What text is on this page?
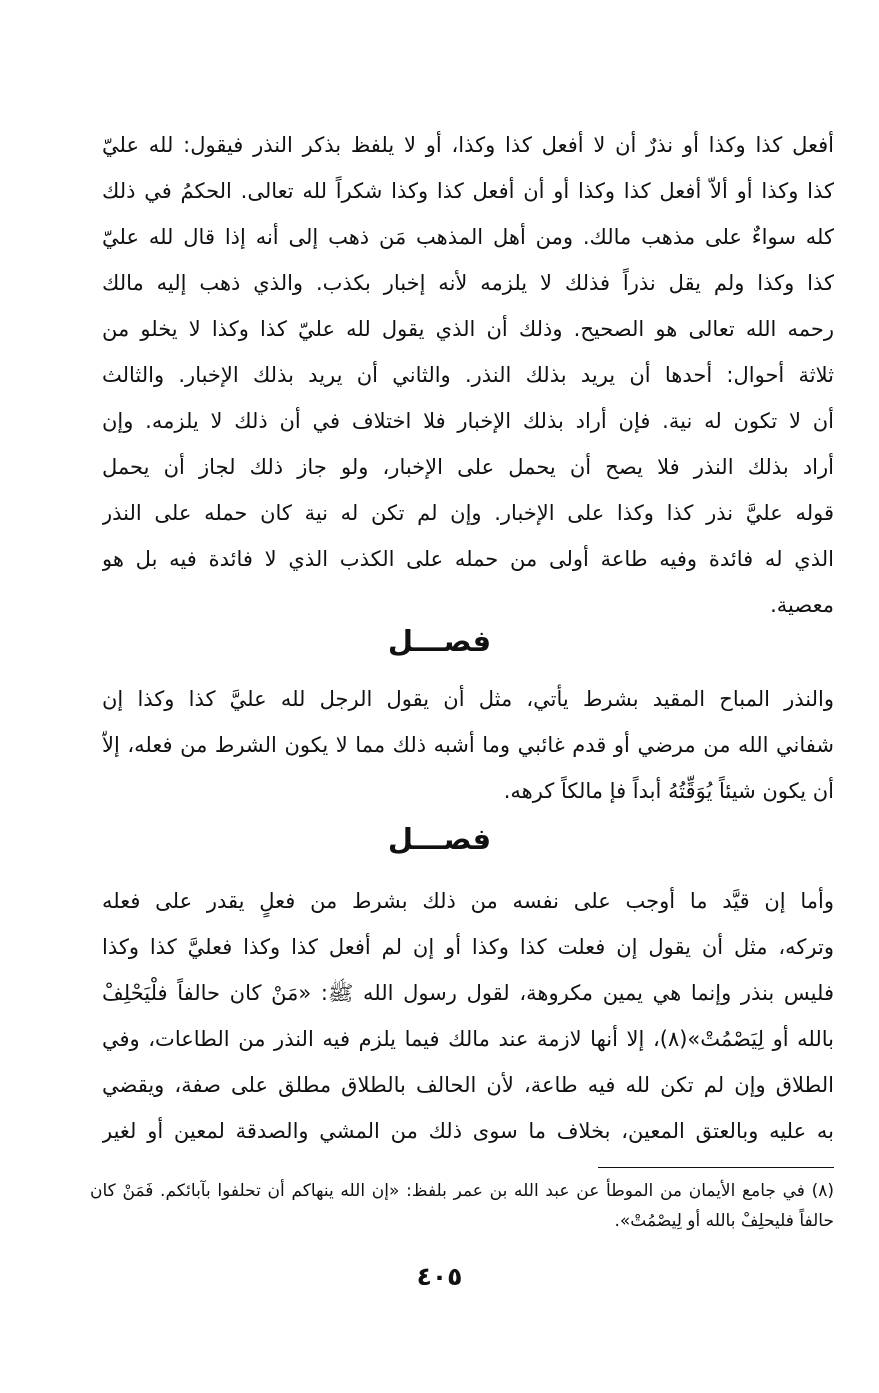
أفعل كذا وكذا أو نذرٌ أن لا أفعل كذا وكذا، أو لا يلفظ بذكر النذر فيقول: لله عليّ
كذا وكذا أو ألاّ أفعل كذا وكذا أو أن أفعل كذا وكذا شكراً لله تعالى. الحكمُ في ذلك
كله سواءٌ على مذهب مالك. ومن أهل المذهب مَن ذهب إلى أنه إذا قال لله عليّ
كذا وكذا ولم يقل نذراً فذلك لا يلزمه لأنه إخبار بكذب. والذي ذهب إليه مالك
رحمه الله تعالى هو الصحيح. وذلك أن الذي يقول لله عليّ كذا وكذا لا يخلو من
ثلاثة أحوال: أحدها أن يريد بذلك النذر. والثاني أن يريد بذلك الإخبار. والثالث
أن لا تكون له نية. فإن أراد بذلك الإخبار فلا اختلاف في أن ذلك لا يلزمه. وإن
أراد بذلك النذر فلا يصح أن يحمل على الإخبار، ولو جاز ذلك لجاز أن يحمل
قوله عليَّ نذر كذا وكذا على الإخبار. وإن لم تكن له نية كان حمله على النذر
الذي له فائدة وفيه طاعة أولى من حمله على الكذب الذي لا فائدة فيه بل هو
معصية.
فصـــل
والنذر المباح المقيد بشرط يأتي، مثل أن يقول الرجل لله عليَّ كذا وكذا إن
شفاني الله من مرضي أو قدم غائبي وما أشبه ذلك مما لا يكون الشرط من فعله، إلاّ
أن يكون شيئاً يُوَقِّتُهُ أبداً فإ مالكاً كرهه.
فصـــل
وأما إن قيَّد ما أوجب على نفسه من ذلك بشرط من فعلٍ يقدر على فعله
وتركه، مثل أن يقول إن فعلت كذا وكذا أو إن لم أفعل كذا وكذا فعليَّ كذا وكذا
فليس بنذر وإنما هي يمين مكروهة، لقول رسول الله ﷺ: «مَنْ كان حالفاً فلْيَحْلِفْ
بالله أو لِيَصْمُتْ»(٨)، إلا أنها لازمة عند مالك فيما يلزم فيه النذر من الطاعات، وفي
الطلاق وإن لم تكن لله فيه طاعة، لأن الحالف بالطلاق مطلق على صفة، ويقضي
به عليه وبالعتق المعين، بخلاف ما سوى ذلك من المشي والصدقة لمعين أو لغير
(٨) في جامع الأيمان من الموطأ عن عبد الله بن عمر بلفظ: «إن الله ينهاكم أن تحلفوا بآبائكم. فَمَنْ كان
حالفاً فليحلِفْ بالله أو لِيصْمُتْ».
٤٠٥
